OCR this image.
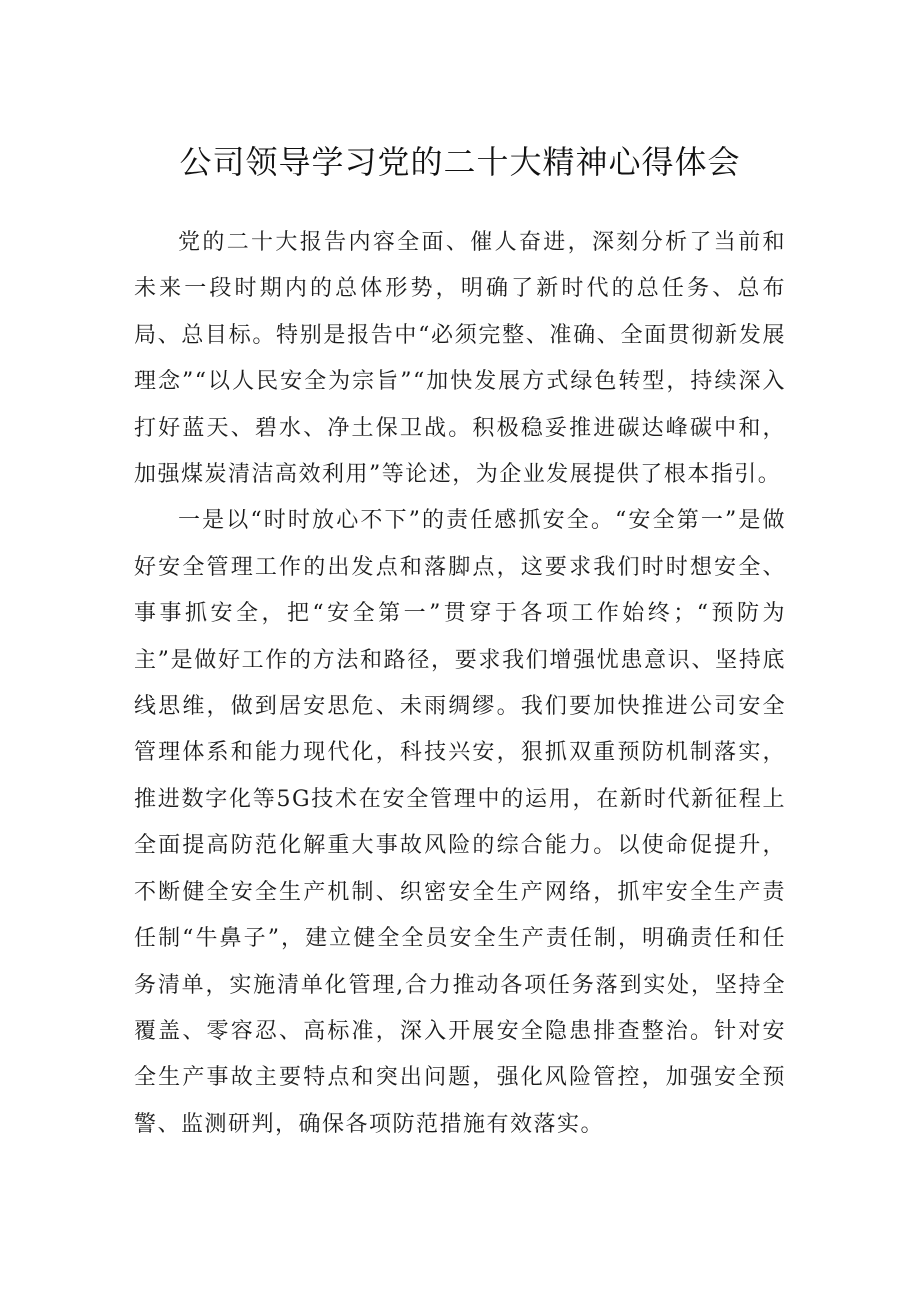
公司领导学习党的二十大精神心得体会

党的二十大报告内容全面、催人奋进，深刻分析了当前和未来一段时期内的总体形势，明确了新时代的总任务、总布局、总目标。特别是报告中“必须完整、准确、全面贯彻新发展理念”“以人民安全为宗旨”“加快发展方式绿色转型，持续深入打好蓝天、碧水、净土保卫战。积极稳妥推进碳达峰碳中和，加强煤炭清洁高效利用”等论述，为企业发展提供了根本指引。

一是以“时时放心不下”的责任感抓安全。“安全第一”是做好安全管理工作的出发点和落脚点，这要求我们时时想安全、事事抓安全，把“安全第一”贯穿于各项工作始终；“预防为主”是做好工作的方法和路径，要求我们增强忧患意识、坚持底线思维，做到居安思危、未雨绸缪。我们要加快推进公司安全管理体系和能力现代化，科技兴安，狠抓双重预防机制落实，推进数字化等5G技术在安全管理中的运用，在新时代新征程上全面提高防范化解重大事故风险的综合能力。以使命促提升，不断健全安全生产机制、织密安全生产网络，抓牢安全生产责任制“牛鼻子”，建立健全全员安全生产责任制，明确责任和任务清单，实施清单化管理,合力推动各项任务落到实处，坚持全覆盖、零容忍、高标准，深入开展安全隐患排查整治。针对安全生产事故主要特点和突出问题，强化风险管控，加强安全预警、监测研判，确保各项防范措施有效落实。
